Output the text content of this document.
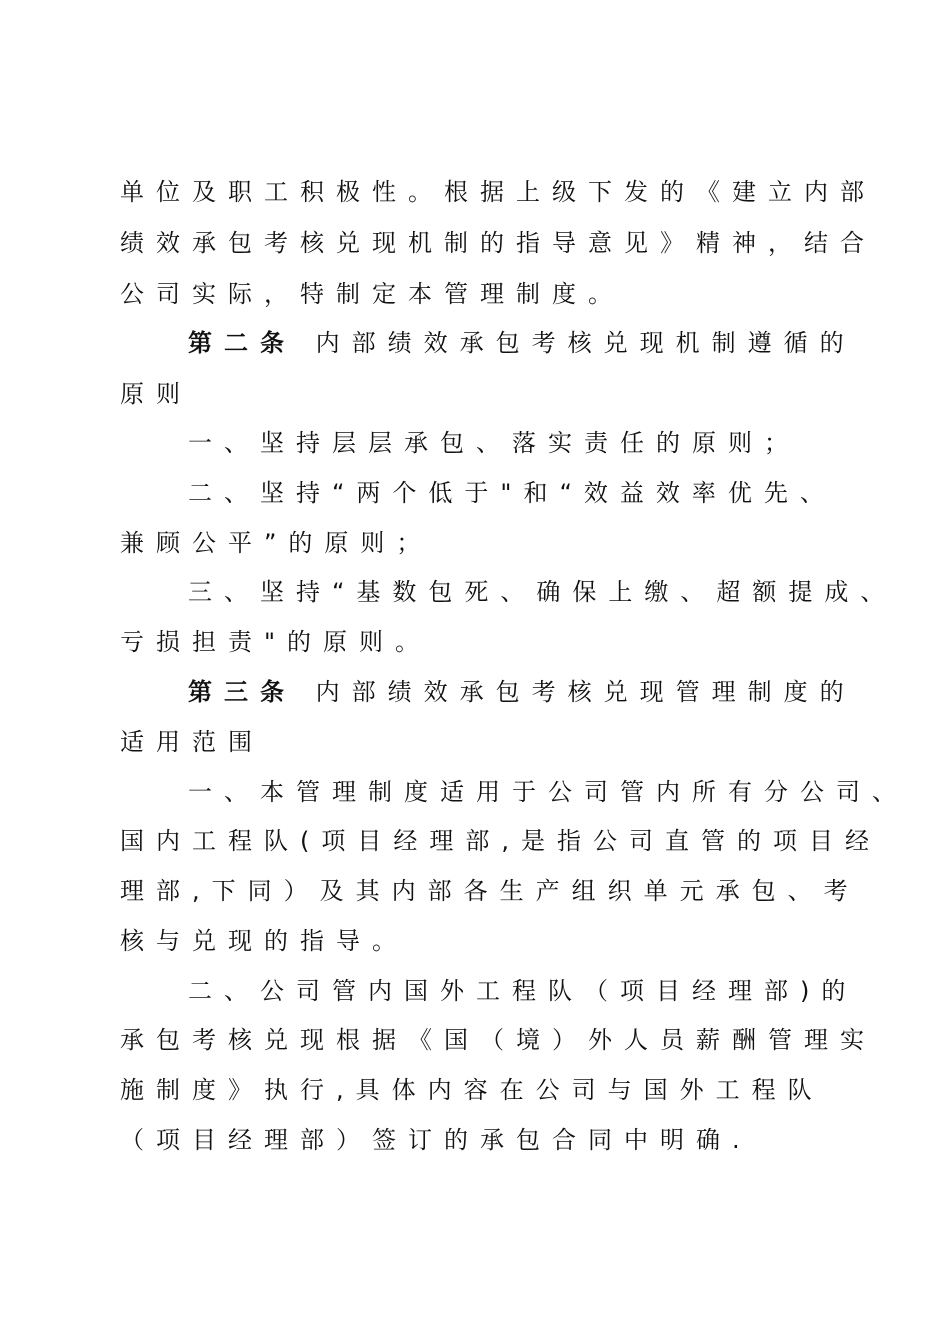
单位及职工积极性。根据上级下发的《建立内部
绩效承包考核兑现机制的指导意见》精神，结合
公司实际，特制定本管理制度。
第二条 内部绩效承包考核兑现机制遵循的
原则
一、坚持层层承包、落实责任的原则；
二、坚持“两个低于"和“效益效率优先、
兼顾公平”的原则；
三、坚持“基数包死、确保上缴、超额提成、
亏损担责"的原则。
第三条 内部绩效承包考核兑现管理制度的
适用范围
一、本管理制度适用于公司管内所有分公司、
国内工程队(项目经理部,是指公司直管的项目经
理部,下同）及其内部各生产组织单元承包、考
核与兑现的指导。
二、公司管内国外工程队（项目经理部)的
承包考核兑现根据《国（境）外人员薪酬管理实
施制度》执行,具体内容在公司与国外工程队
（项目经理部）签订的承包合同中明确.
